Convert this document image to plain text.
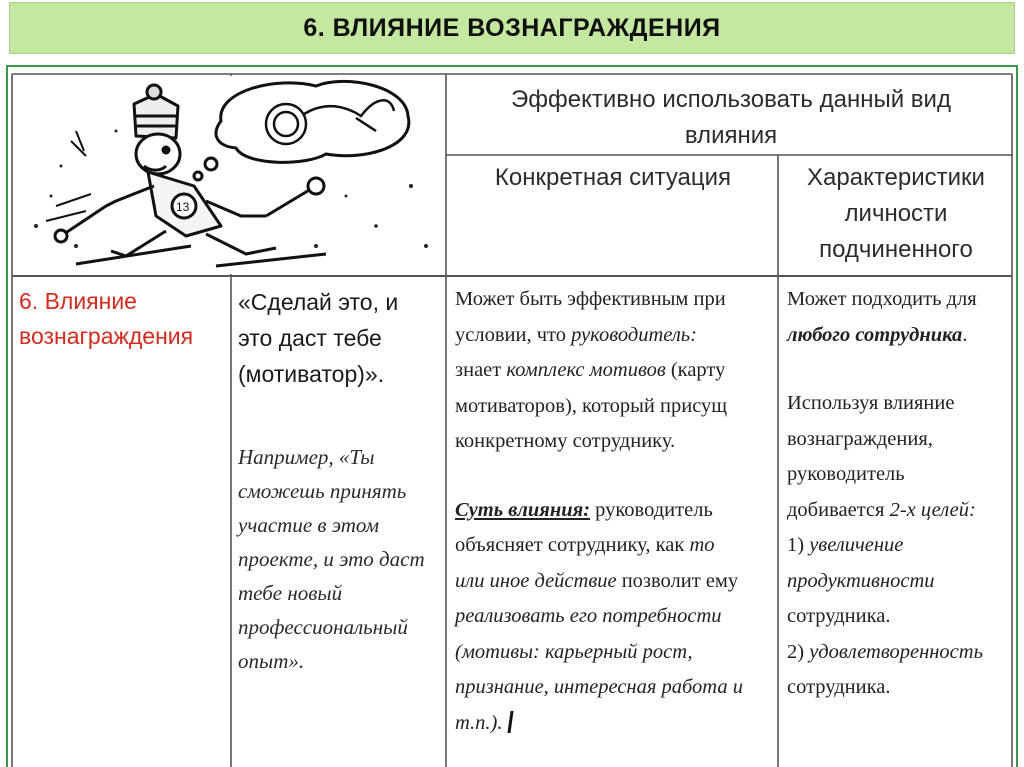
6. ВЛИЯНИЕ ВОЗНАГРАЖДЕНИЯ
Эффективно использовать данный вид
влияния
Конкретная ситуация	Характеристики
личности
подчиненного
13
6. Влияние
вознаграждения
«Сделай это, и
это даст тебе
(мотиватор)».
Например, «Ты
сможешь принять
участие в этом
проекте, и это даст
тебе новый
профессиональный
опыт».

Может быть эффективным при

условии, что руководитель:

знает комплекс мотивов (карту

мотиваторов), который присущ

конкретному сотруднику.

Суть влияния: руководитель

объясняет сотруднику, как то

или иное действие позволит ему

реализовать его потребности

(мотивы: карьерный рост,

признание, интересная работа и

т.п.).

Может подходить для

любого сотрудника.

Используя влияние

вознаграждения,

руководитель

добивается 2-х целей:

1) увеличение

продуктивности

сотрудника.

2) удовлетворенность

сотрудника.
